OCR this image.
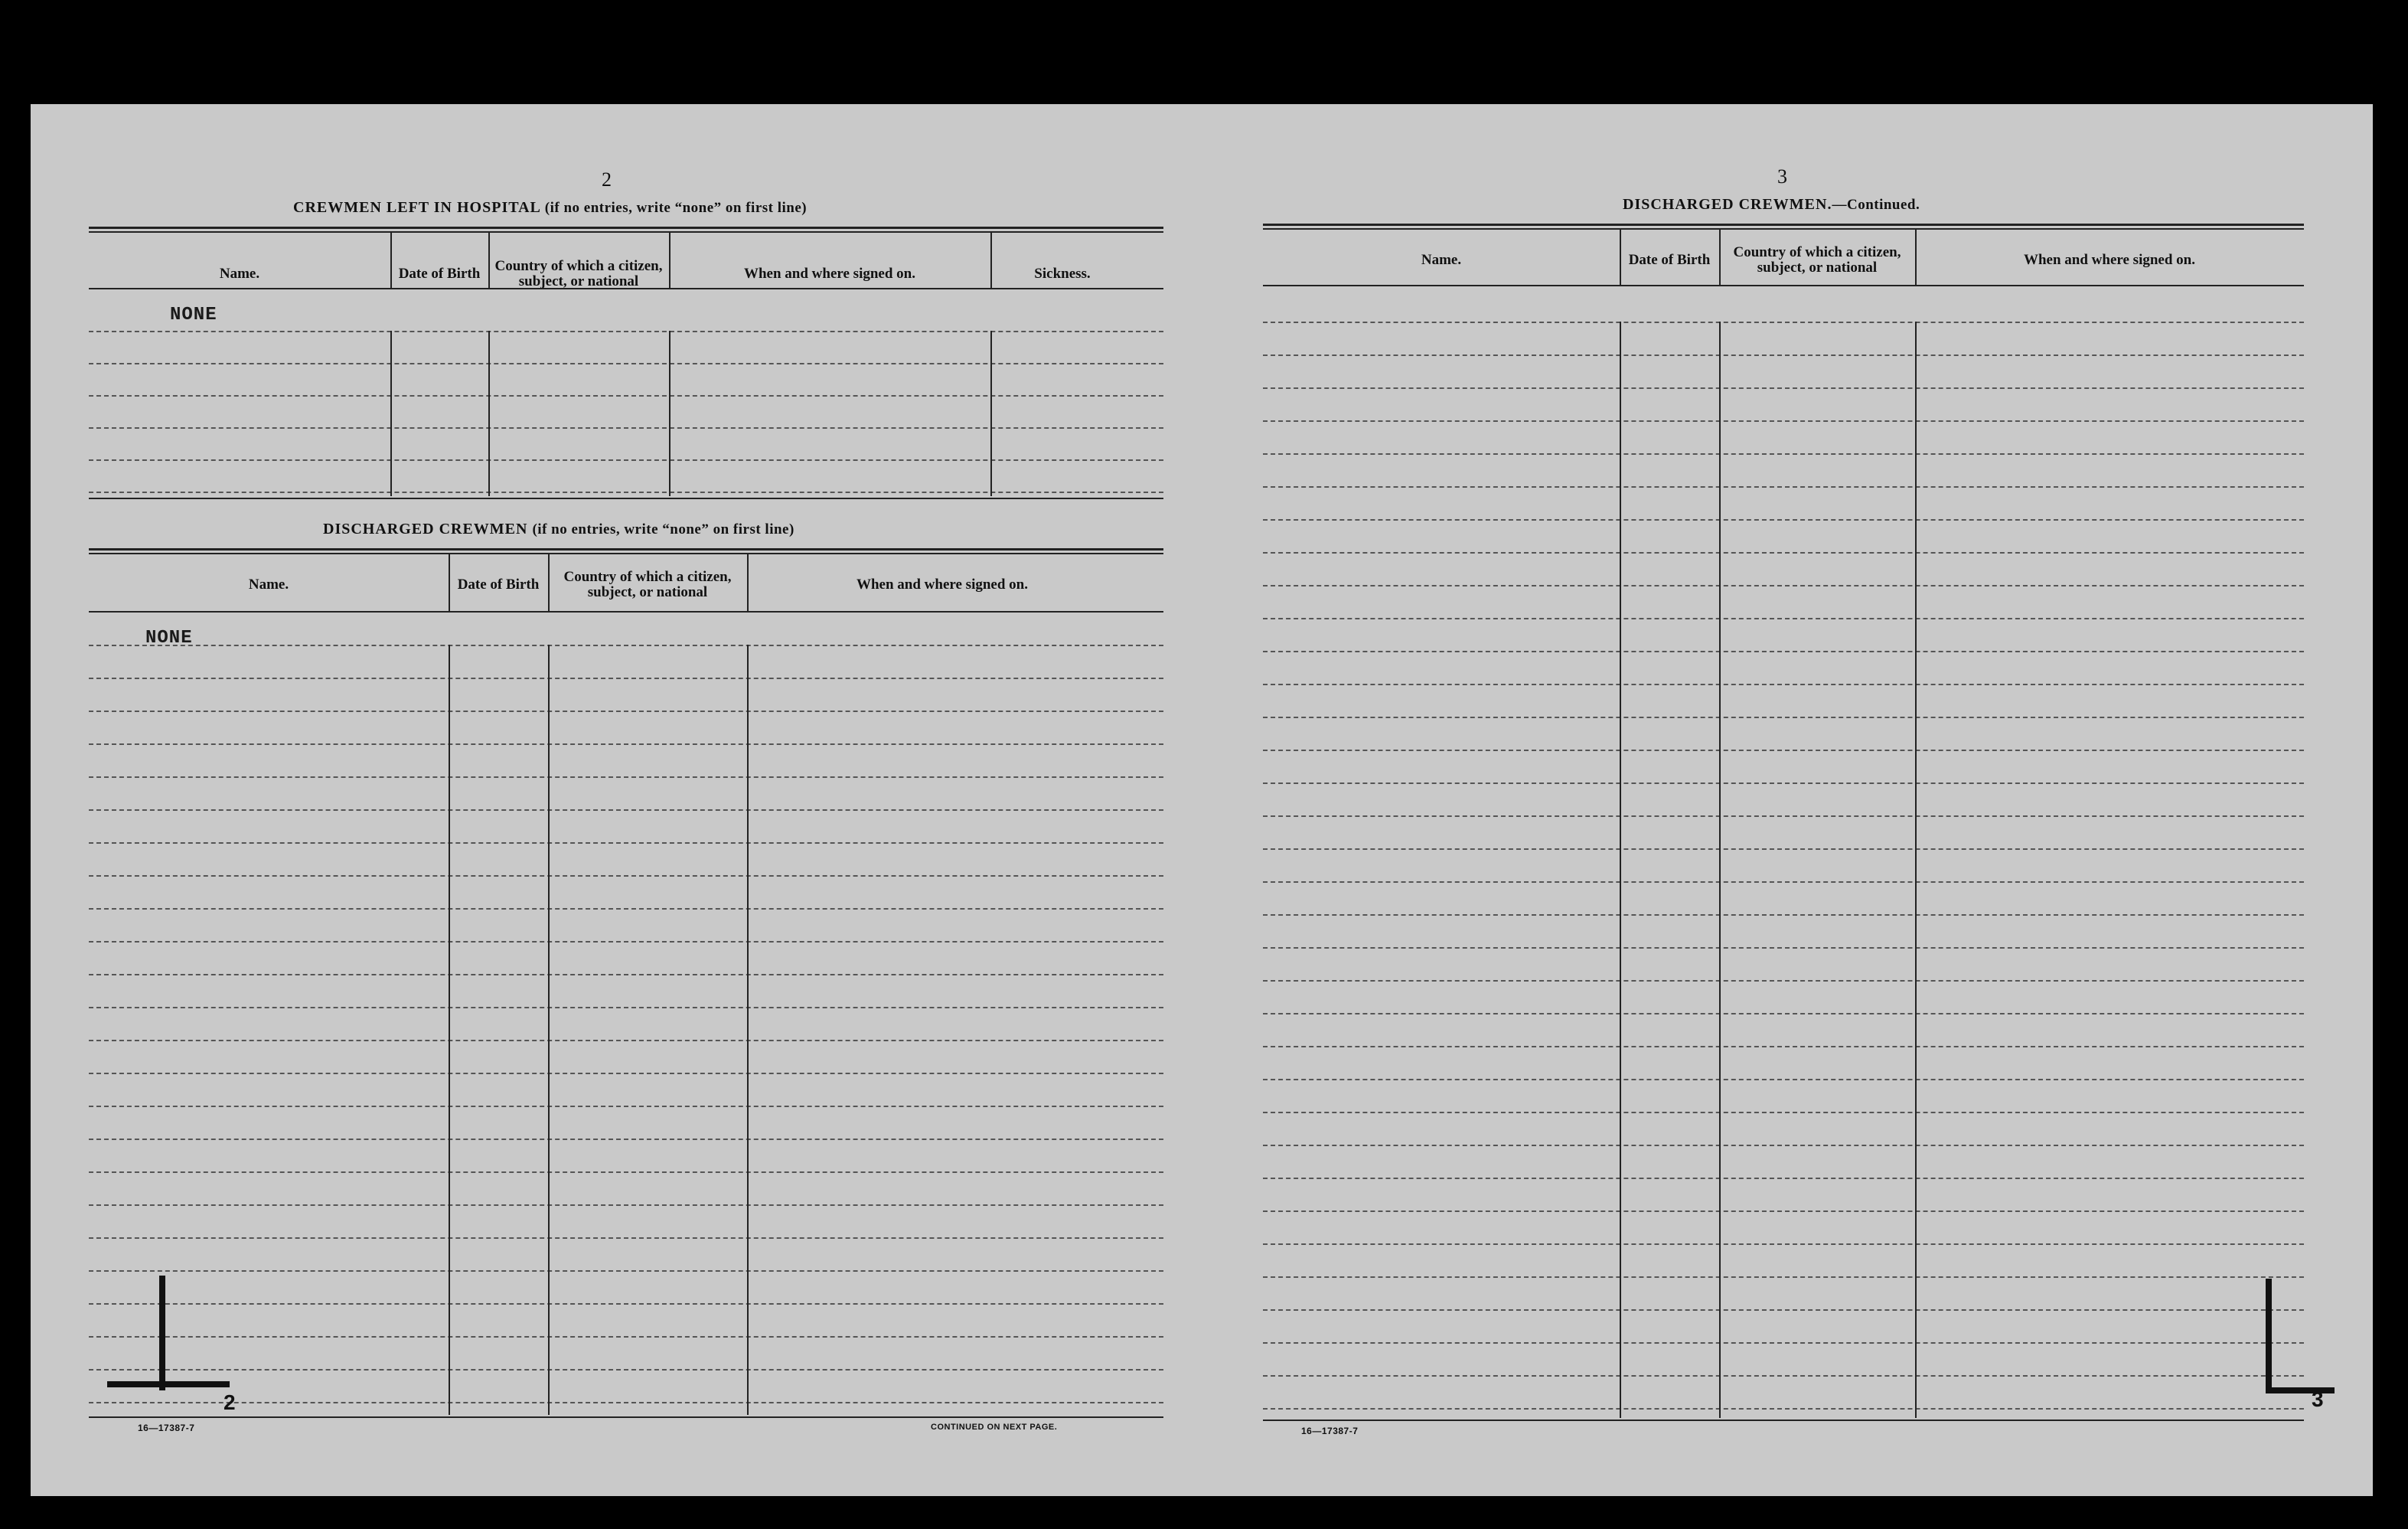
2
CREWMEN LEFT IN HOSPITAL (if no entries, write “none” on first line)
Name.	Date of Birth	Country of which a citizen, subject, or national	When and where signed on.	Sickness.
NONE
DISCHARGED CREWMEN (if no entries, write “none” on first line)
Name.	Date of Birth	Country of which a citizen, subject, or national	When and where signed on.
NONE
16—17387-7	CONTINUED ON NEXT PAGE.
2
3
DISCHARGED CREWMEN.—Continued.
Name.	Date of Birth	Country of which a citizen, subject, or national	When and where signed on.
16—17387-7
3
